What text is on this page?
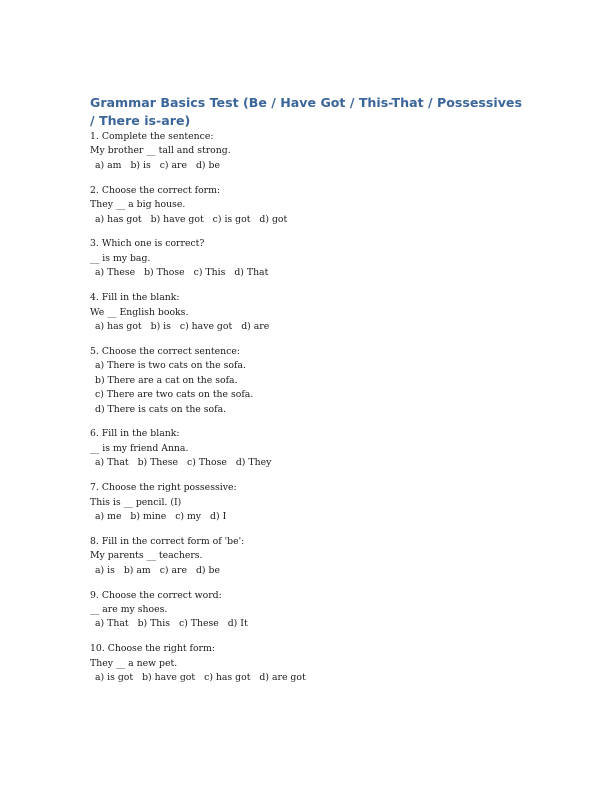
Grammar Basics Test (Be / Have Got / This-That / Possessives / There is-are)
1. Complete the sentence:
My brother __ tall and strong.
a) am b) is c) are d) be
2. Choose the correct form:
They __ a big house.
a) has got b) have got c) is got d) got
3. Which one is correct?
__ is my bag.
a) These b) Those c) This d) That
4. Fill in the blank:
We __ English books.
a) has got b) is c) have got d) are
5. Choose the correct sentence:
a) There is two cats on the sofa.
b) There are a cat on the sofa.
c) There are two cats on the sofa.
d) There is cats on the sofa.
6. Fill in the blank:
__ is my friend Anna.
a) That b) These c) Those d) They
7. Choose the right possessive:
This is __ pencil. (I)
a) me b) mine c) my d) I
8. Fill in the correct form of 'be':
My parents __ teachers.
a) is b) am c) are d) be
9. Choose the correct word:
__ are my shoes.
a) That b) This c) These d) It
10. Choose the right form:
They __ a new pet.
a) is got b) have got c) has got d) are got
